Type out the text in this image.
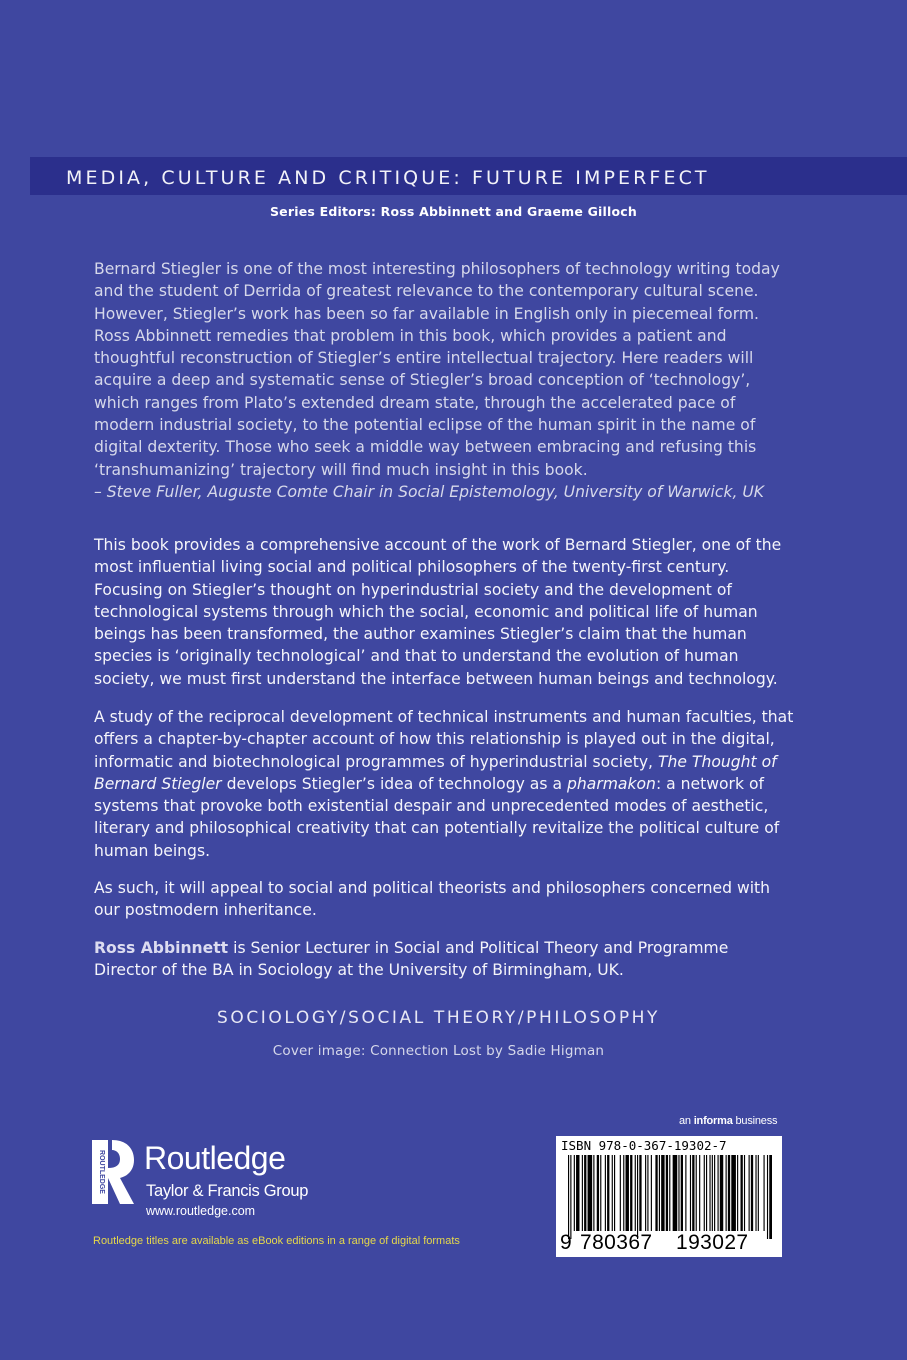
MEDIA, CULTURE AND CRITIQUE: FUTURE IMPERFECT
Series Editors: Ross Abbinnett and Graeme Gilloch

Bernard Stiegler is one of the most interesting philosophers of technology writing today and the student of Derrida of greatest relevance to the contemporary cultural scene. However, Stiegler’s work has been so far available in English only in piecemeal form. Ross Abbinnett remedies that problem in this book, which provides a patient and thoughtful reconstruction of Stiegler’s entire intellectual trajectory. Here readers will acquire a deep and systematic sense of Stiegler’s broad conception of ‘technology’, which ranges from Plato’s extended dream state, through the accelerated pace of modern industrial society, to the potential eclipse of the human spirit in the name of digital dexterity. Those who seek a middle way between embracing and refusing this ‘transhumanizing’ trajectory will find much insight in this book.
– Steve Fuller, Auguste Comte Chair in Social Epistemology, University of Warwick, UK

This book provides a comprehensive account of the work of Bernard Stiegler, one of the most influential living social and political philosophers of the twenty-first century. Focusing on Stiegler’s thought on hyperindustrial society and the development of technological systems through which the social, economic and political life of human beings has been transformed, the author examines Stiegler’s claim that the human species is ‘originally technological’ and that to understand the evolution of human society, we must first understand the interface between human beings and technology.

A study of the reciprocal development of technical instruments and human faculties, that offers a chapter-by-chapter account of how this relationship is played out in the digital, informatic and biotechnological programmes of hyperindustrial society, The Thought of Bernard Stiegler develops Stiegler’s idea of technology as a pharmakon: a network of systems that provoke both existential despair and unprecedented modes of aesthetic, literary and philosophical creativity that can potentially revitalize the political culture of human beings.

As such, it will appeal to social and political theorists and philosophers concerned with our postmodern inheritance.

Ross Abbinnett is Senior Lecturer in Social and Political Theory and Programme Director of the BA in Sociology at the University of Birmingham, UK.

SOCIOLOGY/SOCIAL THEORY/PHILOSOPHY
Cover image: Connection Lost by Sadie Higman
ROUTLEDGE Routledge
Taylor & Francis Group
www.routledge.com
Routledge titles are available as eBook editions in a range of digital formats
an informa business
ISBN 978-0-367-19302-7
9 780367 193027
